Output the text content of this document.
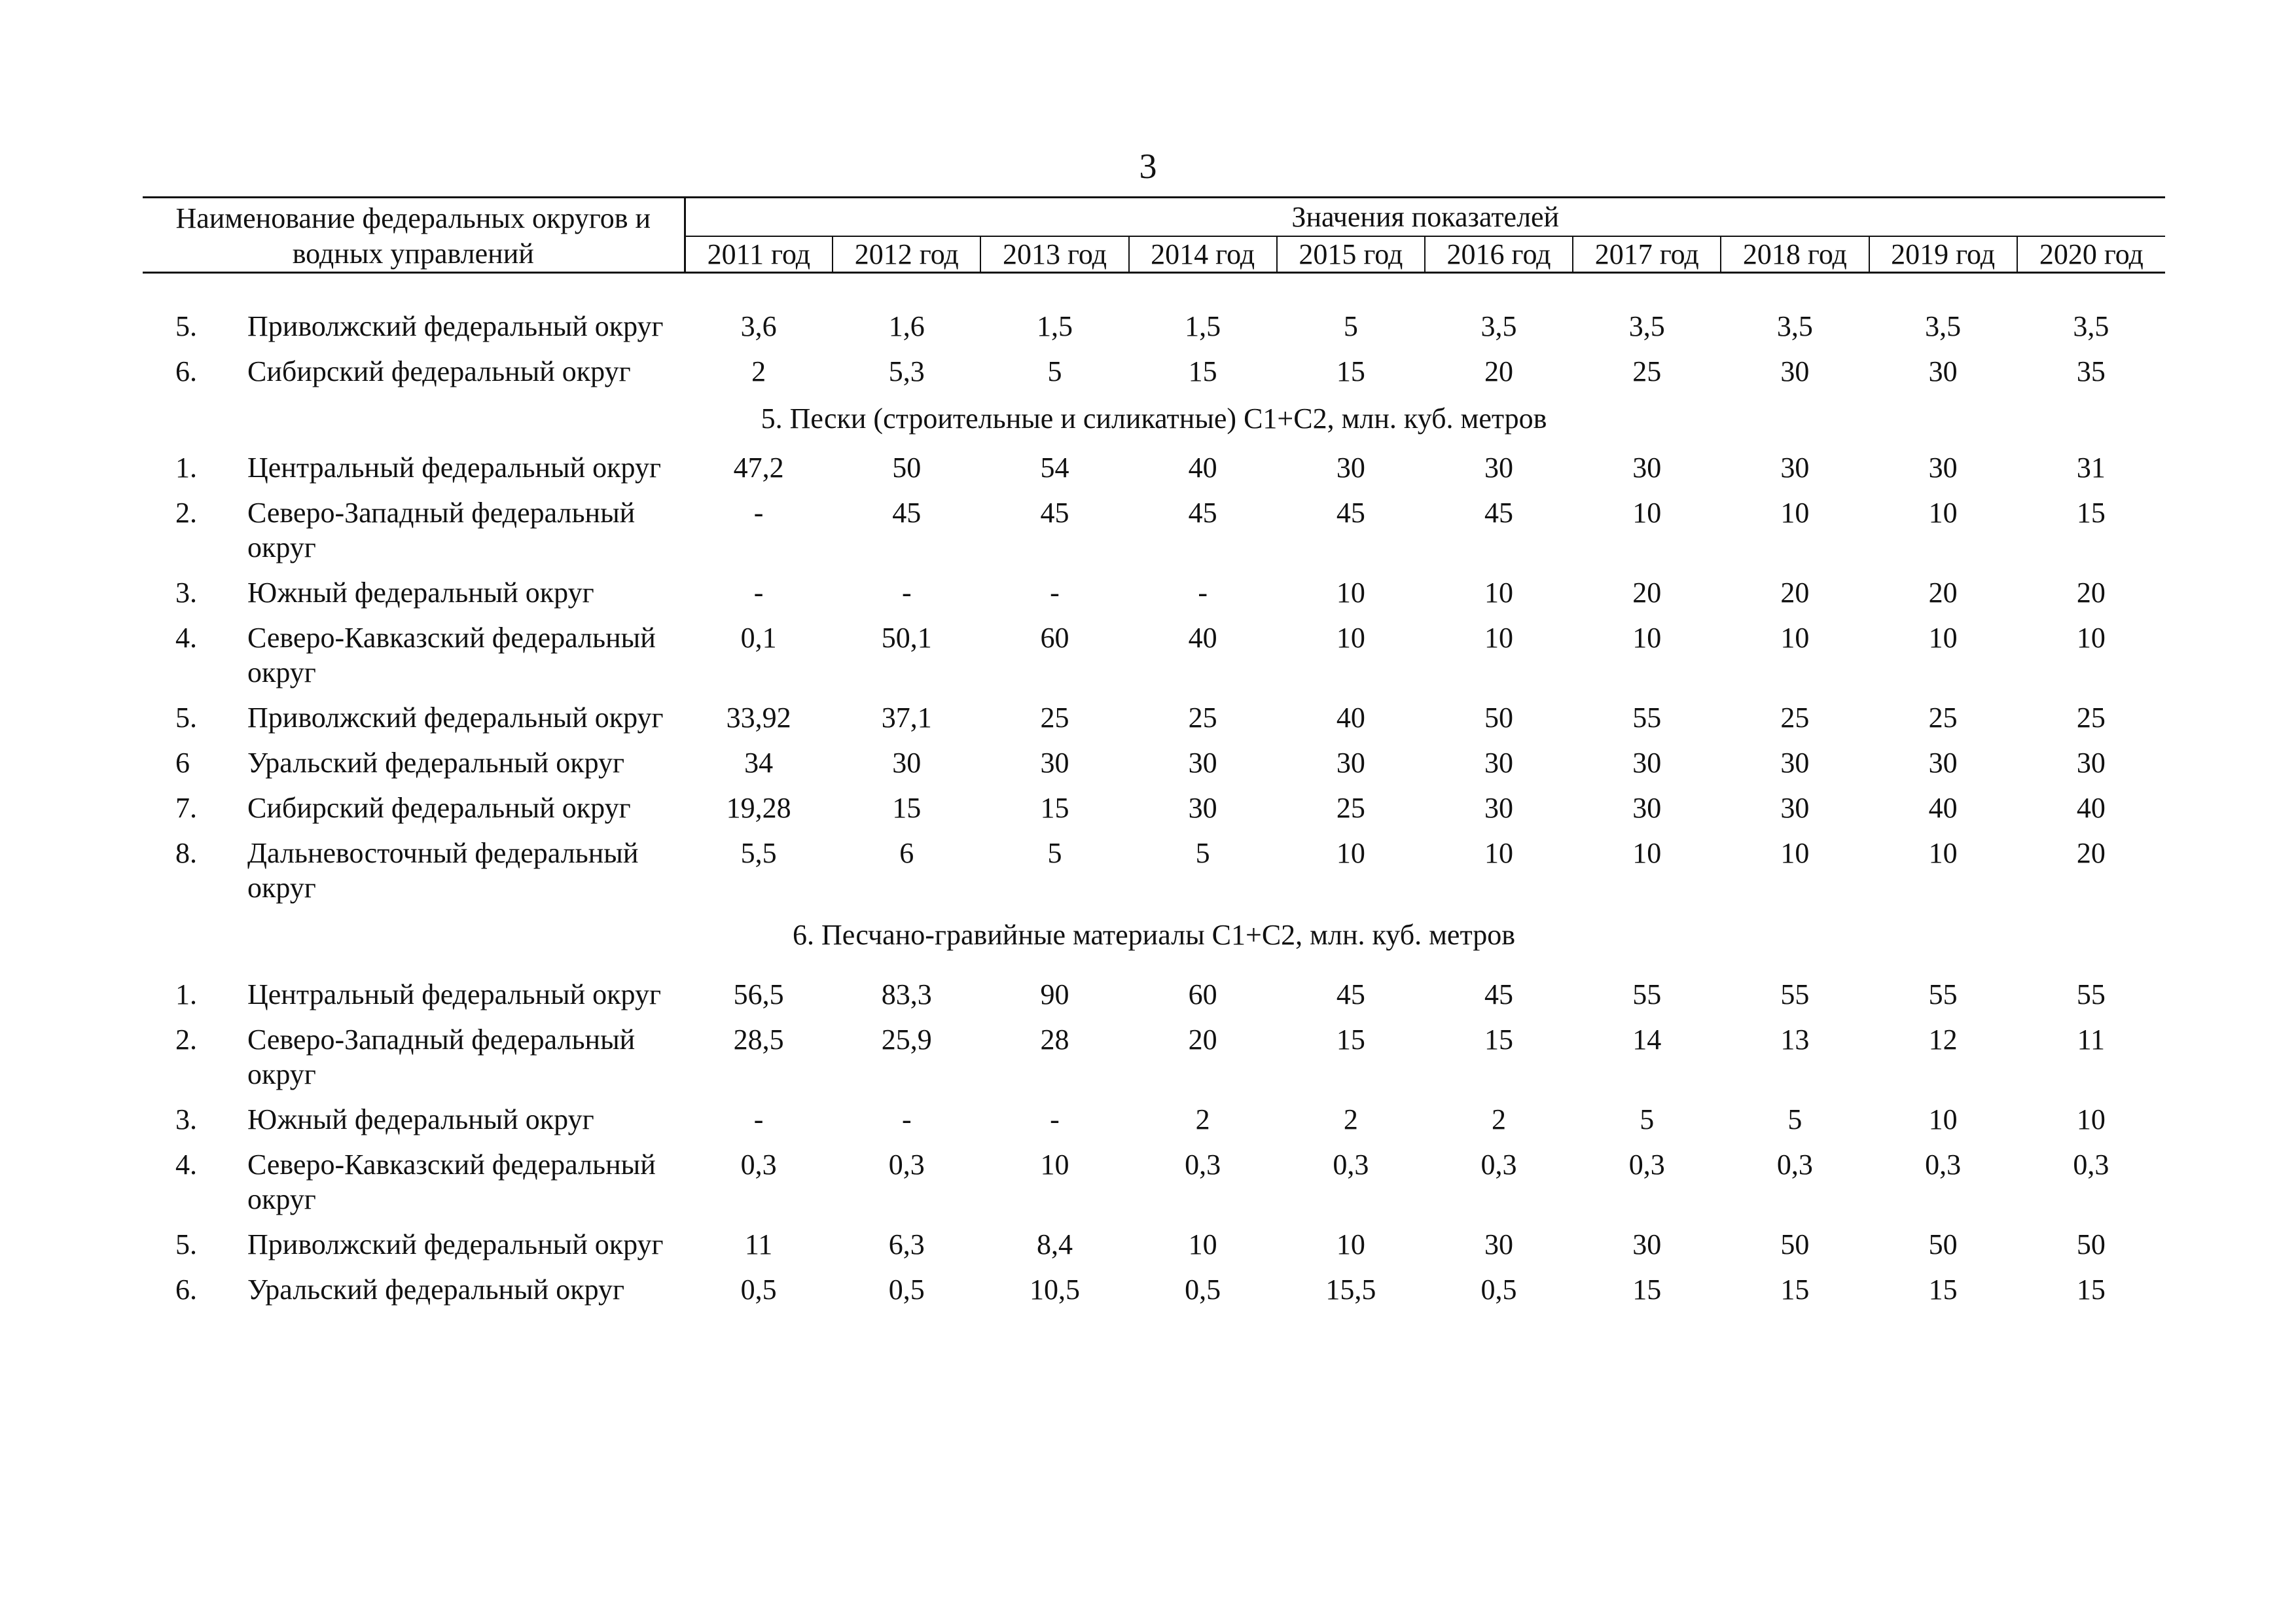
3
Наименование федеральных округов и водных управлений		Значения показателей									
		2011 год	2012 год	2013 год	2014 год	2015 год	2016 год	2017 год	2018 год	2019 год	2020 год

5.	Приволжский федеральный округ	3,6	1,6	1,5	1,5	5	3,5	3,5	3,5	3,5	3,5
6.	Сибирский федеральный округ	2	5,3	5	15	15	20	25	30	30	35
5. Пески (строительные и силикатные) С1+С2, млн. куб. метров											
1.	Центральный федеральный округ	47,2	50	54	40	30	30	30	30	30	31
2.	Северо-Западный федеральный округ	-	45	45	45	45	45	10	10	10	15
3.	Южный федеральный округ	-	-	-	-	10	10	20	20	20	20
4.	Северо-Кавказский федеральный округ	0,1	50,1	60	40	10	10	10	10	10	10
5.	Приволжский федеральный округ	33,92	37,1	25	25	40	50	55	25	25	25
6	Уральский федеральный округ	34	30	30	30	30	30	30	30	30	30
7.	Сибирский федеральный округ	19,28	15	15	30	25	30	30	30	40	40
8.	Дальневосточный федеральный округ	5,5	6	5	5	10	10	10	10	10	20
6. Песчано-гравийные материалы С1+С2, млн. куб. метров											
1.	Центральный федеральный округ	56,5	83,3	90	60	45	45	55	55	55	55
2.	Северо-Западный федеральный округ	28,5	25,9	28	20	15	15	14	13	12	11
3.	Южный федеральный округ	-	-	-	2	2	2	5	5	10	10
4.	Северо-Кавказский федеральный округ	0,3	0,3	10	0,3	0,3	0,3	0,3	0,3	0,3	0,3
5.	Приволжский федеральный округ	11	6,3	8,4	10	10	30	30	50	50	50
6.	Уральский федеральный округ	0,5	0,5	10,5	0,5	15,5	0,5	15	15	15	15
